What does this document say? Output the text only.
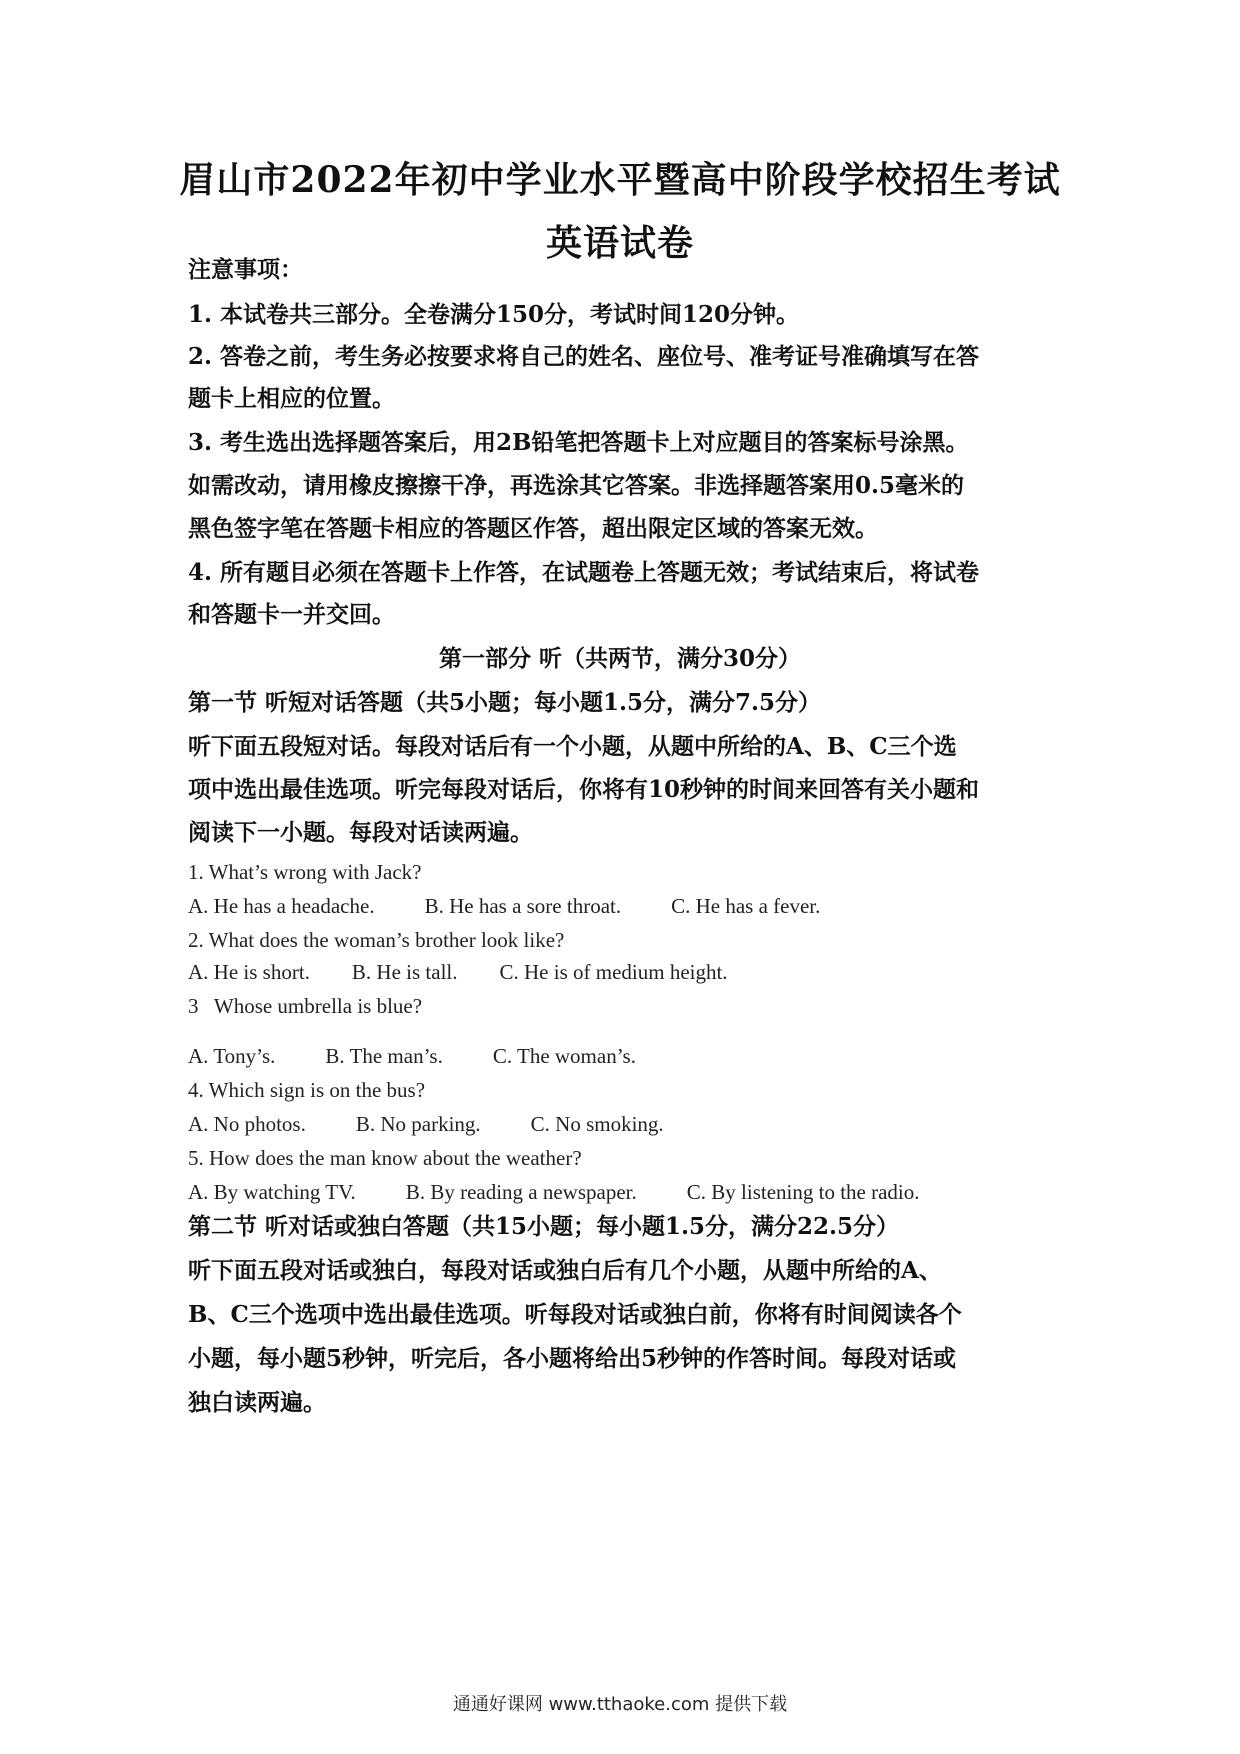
眉山市2022年初中学业水平暨高中阶段学校招生考试
英语试卷

注意事项：

1. 本试卷共三部分。全卷满分150分，考试时间120分钟。

2. 答卷之前，考生务必按要求将自己的姓名、座位号、准考证号准确填写在答

题卡上相应的位置。

3. 考生选出选择题答案后，用2B铅笔把答题卡上对应题目的答案标号涂黑。

如需改动，请用橡皮擦擦干净，再选涂其它答案。非选择题答案用0.5毫米的

黑色签字笔在答题卡相应的答题区作答，超出限定区域的答案无效。

4. 所有题目必须在答题卡上作答，在试题卷上答题无效；考试结束后，将试卷

和答题卡一并交回。

第一部分 听（共两节，满分30分）

第一节 听短对话答题（共5小题；每小题1.5分，满分7.5分）

听下面五段短对话。每段对话后有一个小题，从题中所给的A、B、C三个选

项中选出最佳选项。听完每段对话后，你将有10秒钟的时间来回答有关小题和

阅读下一小题。每段对话读两遍。

1. What’s wrong with Jack?

A. He has a headache. B. He has a sore throat. C. He has a fever.

2. What does the woman’s brother look like?

A. He is short. B. He is tall. C. He is of medium height.

3   Whose umbrella is blue?

A. Tony’s. B. The man’s. C. The woman’s.

4. Which sign is on the bus?

A. No photos. B. No parking. C. No smoking.

5. How does the man know about the weather?

A. By watching TV. B. By reading a newspaper. C. By listening to the radio.

第二节 听对话或独白答题（共15小题；每小题1.5分，满分22.5分）

听下面五段对话或独白，每段对话或独白后有几个小题，从题中所给的A、

B、C三个选项中选出最佳选项。听每段对话或独白前，你将有时间阅读各个

小题，每小题5秒钟，听完后，各小题将给出5秒钟的作答时间。每段对话或

独白读两遍。

通通好课网 www.tthaoke.com 提供下载
